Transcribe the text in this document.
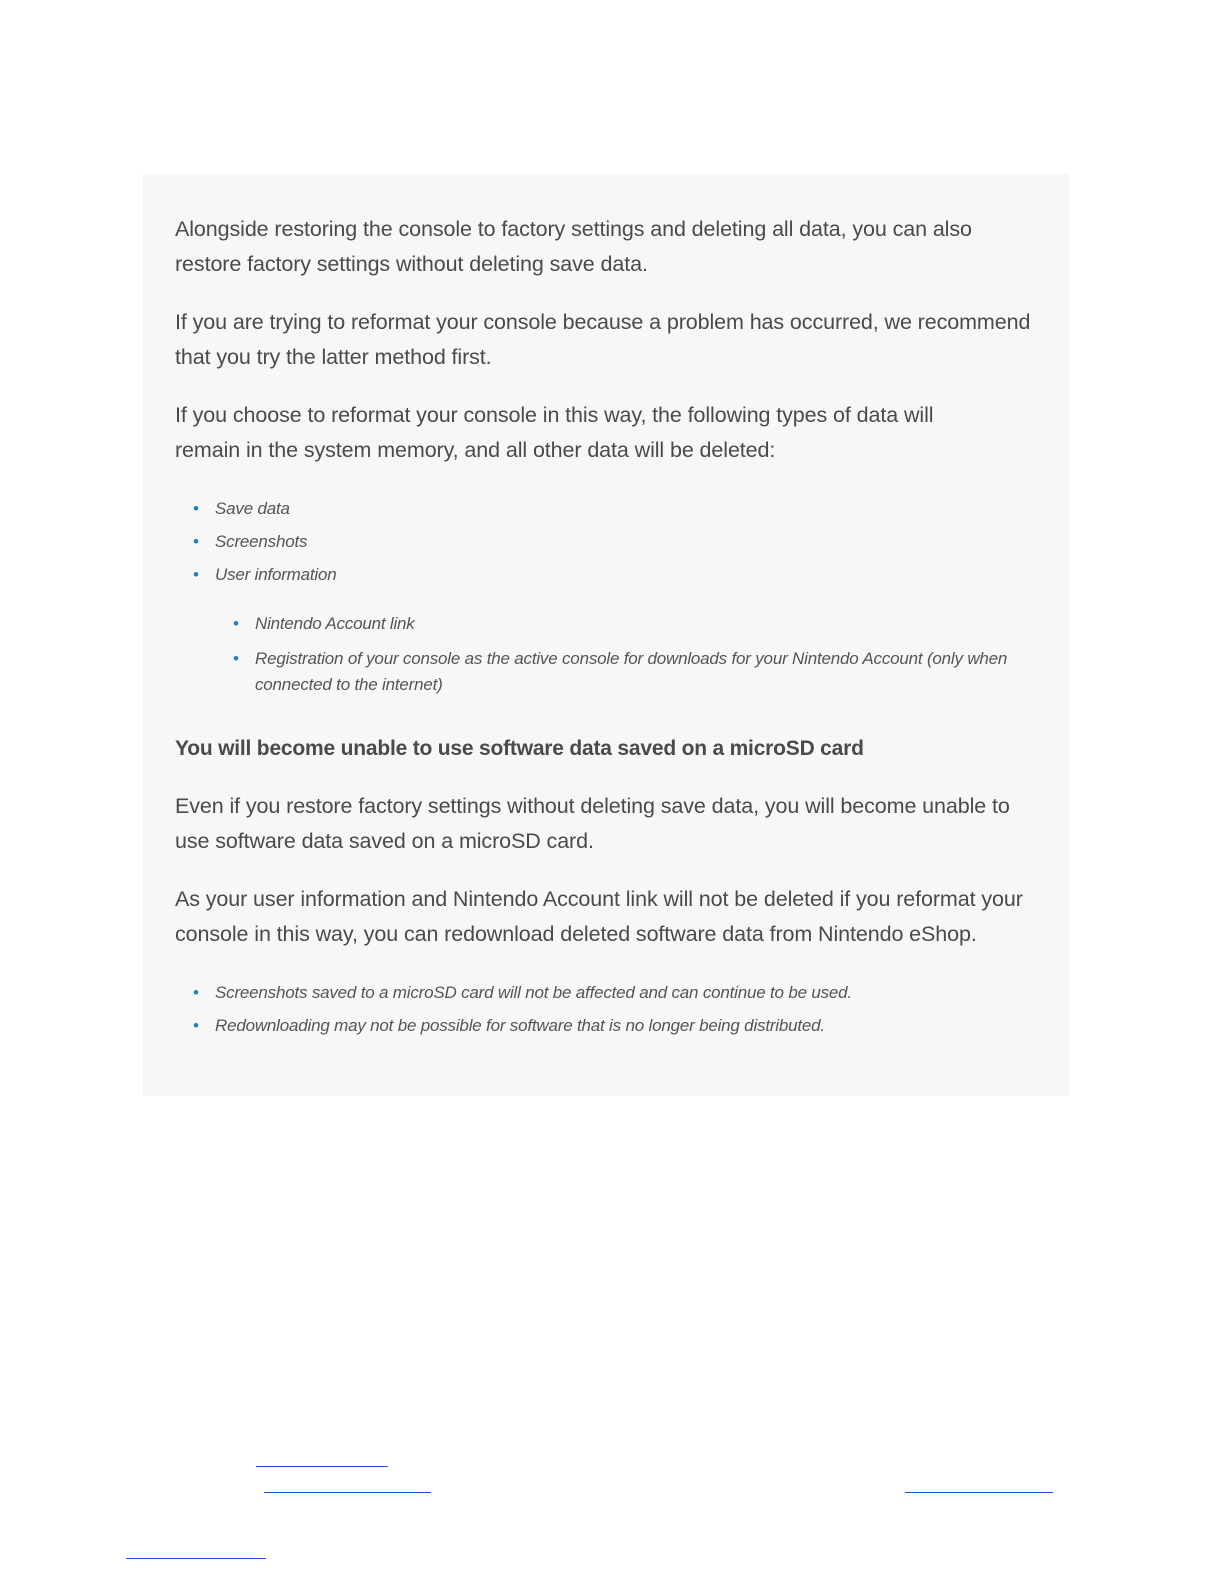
Alongside restoring the console to factory settings and deleting all data, you can also restore factory settings without deleting save data.

If you are trying to reformat your console because a problem has occurred, we recommend that you try the latter method first.

If you choose to reformat your console in this way, the following types of data will remain in the system memory, and all other data will be deleted:

• Save data
• Screenshots
• User information
• Nintendo Account link
• Registration of your console as the active console for downloads for your Nintendo Account (only when connected to the internet)
You will become unable to use software data saved on a microSD card

Even if you restore factory settings without deleting save data, you will become unable to use software data saved on a microSD card.

As your user information and Nintendo Account link will not be deleted if you reformat your console in this way, you can redownload deleted software data from Nintendo eShop.

• Screenshots saved to a microSD card will not be affected and can continue to be used.
• Redownloading may not be possible for software that is no longer being distributed.
